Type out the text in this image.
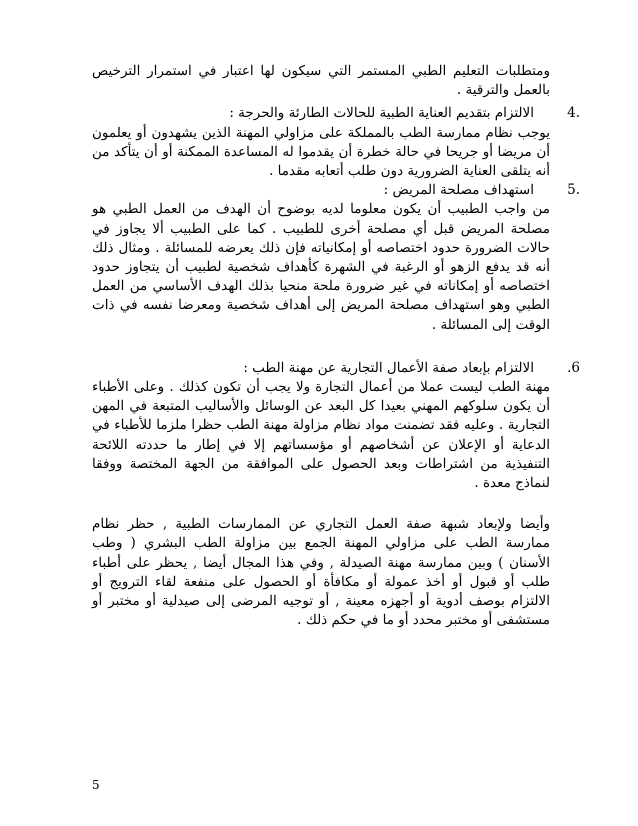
ومتطلبات التعليم الطبي المستمر التي سيكون لها اعتبار في استمرار الترخيص بالعمل والترقية .

4.
الالتزام بتقديم العناية الطبية للحالات الطارئة والحرجة :

يوجب نظام ممارسة الطب بالمملكة على مزاولي المهنة الذين يشهدون أو يعلمون أن مريضا أو جريحا في حالة خطرة أن يقدموا له المساعدة الممكنة أو أن يتأكد من أنه يتلقى العناية الضرورية دون طلب أتعابه مقدما .

5.
استهداف مصلحة المريض :

من واجب الطبيب أن يكون معلوما لديه بوضوح أن الهدف من العمل الطبي هو مصلحة المريض قبل أي مصلحة أخرى للطبيب . كما على الطبيب ألا يجاوز في حالات الضرورة حدود اختصاصه أو إمكانياته فإن ذلك يعرضه للمسائلة . ومثال ذلك أنه قد يدفع الزهو أو الرغبة في الشهرة كأهداف شخصية لطبيب أن يتجاوز حدود اختصاصه أو إمكاناته في غير ضرورة ملحة منحيا بذلك الهدف الأساسي من العمل الطبي وهو استهداف مصلحة المريض إلى أهداف شخصية ومعرضا نفسه في ذات الوقت إلى المسائلة .

.6
الالتزام بإبعاد صفة الأعمال التجارية عن مهنة الطب :

مهنة الطب ليست عملا من أعمال التجارة ولا يجب أن تكون كذلك . وعلى الأطباء أن يكون سلوكهم المهني بعيدا كل البعد عن الوسائل والأساليب المتبعة في المهن التجارية . وعليه فقد تضمنت مواد نظام مزاولة مهنة الطب حظرا ملزما للأطباء في الدعاية أو الإعلان عن أشخاصهم أو مؤسساتهم إلا في إطار ما حددته اللائحة التنفيذية من اشتراطات وبعد الحصول على الموافقة من الجهة المختصة ووفقا لنماذج معدة .

وأيضا ولإبعاد شبهة صفة العمل التجاري عن الممارسات الطبية , حظر نظام ممارسة الطب على مزاولي المهنة الجمع بين مزاولة الطب البشري ( وطب الأسنان ) وبين ممارسة مهنة الصيدلة , وفي هذا المجال أيضا , يحظر على أطباء طلب أو قبول أو أخذ عمولة أو مكافأة أو الحصول على منفعة لقاء الترويج أو الالتزام بوصف أدوية أو أجهزه معينة , أو توجيه المرضى إلى صيدلية أو مختبر أو مستشفى أو مختبر محدد أو ما في حكم ذلك .

5
